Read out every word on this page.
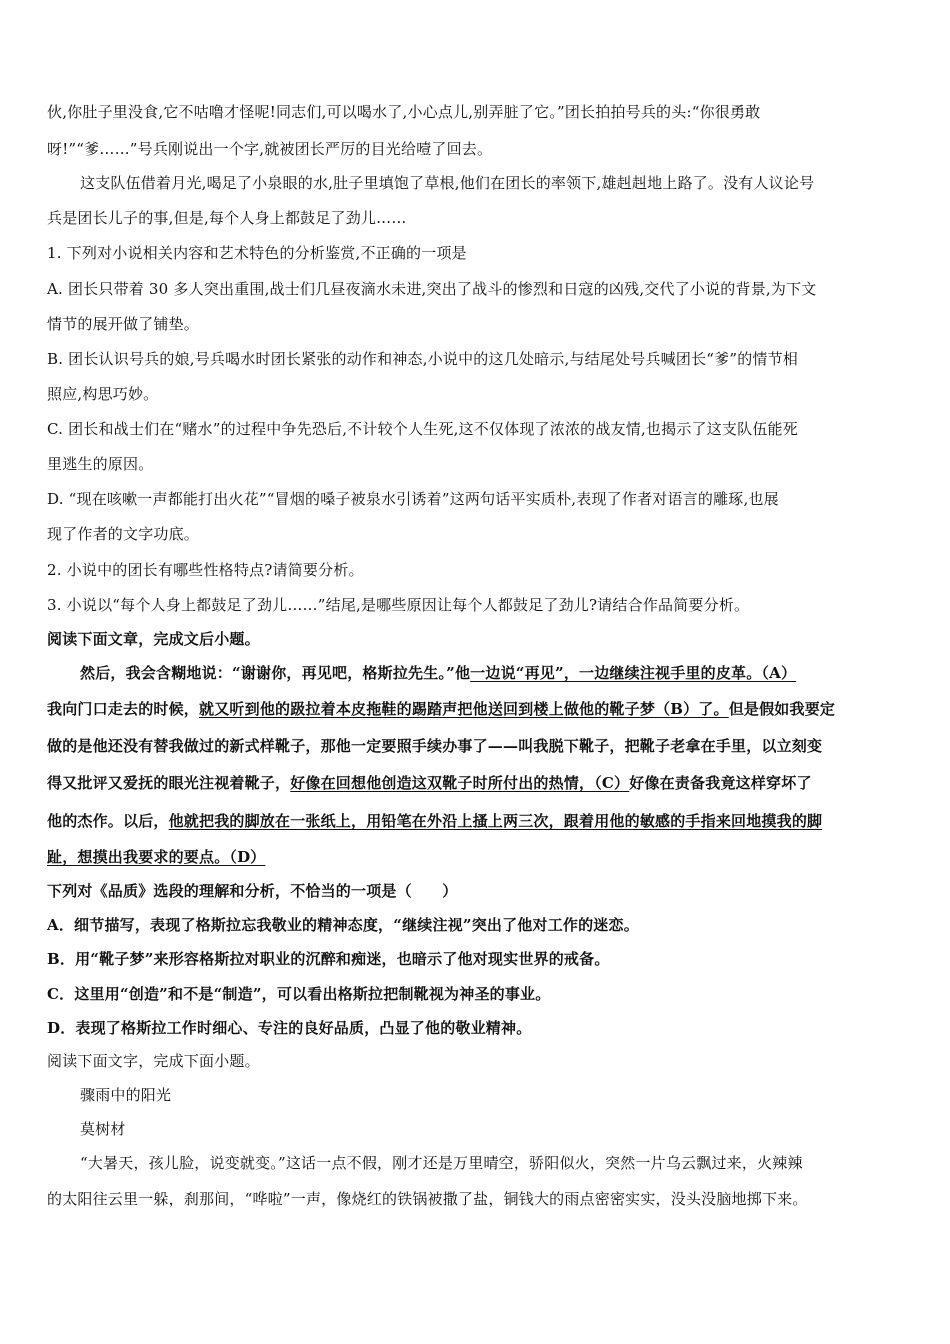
伙,你肚子里没食,它不咕噜才怪呢!同志们,可以喝水了,小心点儿,别弄脏了它。”团长拍拍号兵的头:“你很勇敢
呀!”“爹……”号兵刚说出一个字,就被团长严厉的目光给噎了回去。
这支队伍借着月光,喝足了小泉眼的水,肚子里填饱了草根,他们在团长的率领下,雄赳赳地上路了。没有人议论号
兵是团长儿子的事,但是,每个人身上都鼓足了劲儿……
1. 下列对小说相关内容和艺术特色的分析鉴赏,不正确的一项是
A. 团长只带着 30 多人突出重围,战士们几昼夜滴水未进,突出了战斗的惨烈和日寇的凶残,交代了小说的背景,为下文
情节的展开做了铺垫。
B. 团长认识号兵的娘,号兵喝水时团长紧张的动作和神态,小说中的这几处暗示,与结尾处号兵喊团长“爹”的情节相
照应,构思巧妙。
C. 团长和战士们在“赌水”的过程中争先恐后,不计较个人生死,这不仅体现了浓浓的战友情,也揭示了这支队伍能死
里逃生的原因。
D. “现在咳嗽一声都能打出火花”“冒烟的嗓子被泉水引诱着”这两句话平实质朴,表现了作者对语言的雕琢,也展
现了作者的文字功底。
2. 小说中的团长有哪些性格特点?请简要分析。
3. 小说以“每个人身上都鼓足了劲儿……”结尾,是哪些原因让每个人都鼓足了劲儿?请结合作品简要分析。
阅读下面文章，完成文后小题。
然后，我会含糊地说：“谢谢你，再见吧，格斯拉先生。”他一边说“再见”，一边继续注视手里的皮革。（A）
我向门口走去的时候，就又听到他的趿拉着本皮拖鞋的踢踏声把他送回到楼上做他的靴子梦（B）了。但是假如我要定
做的是他还没有替我做过的新式样靴子，那他一定要照手续办事了——叫我脱下靴子，把靴子老拿在手里，以立刻变
得又批评又爱抚的眼光注视着靴子，好像在回想他创造这双靴子时所付出的热情，（C）好像在责备我竟这样穿坏了
他的杰作。以后，他就把我的脚放在一张纸上，用铅笔在外沿上搔上两三次，跟着用他的敏感的手指来回地摸我的脚
趾，想摸出我要求的要点。（D）
下列对《品质》选段的理解和分析，不恰当的一项是（　　）
A．细节描写，表现了格斯拉忘我敬业的精神态度，“继续注视”突出了他对工作的迷恋。
B．用“靴子梦”来形容格斯拉对职业的沉醉和痴迷，也暗示了他对现实世界的戒备。
C．这里用“创造”和不是“制造”，可以看出格斯拉把制靴视为神圣的事业。
D．表现了格斯拉工作时细心、专注的良好品质，凸显了他的敬业精神。
阅读下面文字，完成下面小题。
骤雨中的阳光
莫树材
“大暑天，孩儿脸，说变就变。”这话一点不假，刚才还是万里晴空，骄阳似火，突然一片乌云飘过来，火辣辣
的太阳往云里一躲，刹那间，“哗啦”一声，像烧红的铁锅被撒了盐，铜钱大的雨点密密实实，没头没脑地掷下来。
